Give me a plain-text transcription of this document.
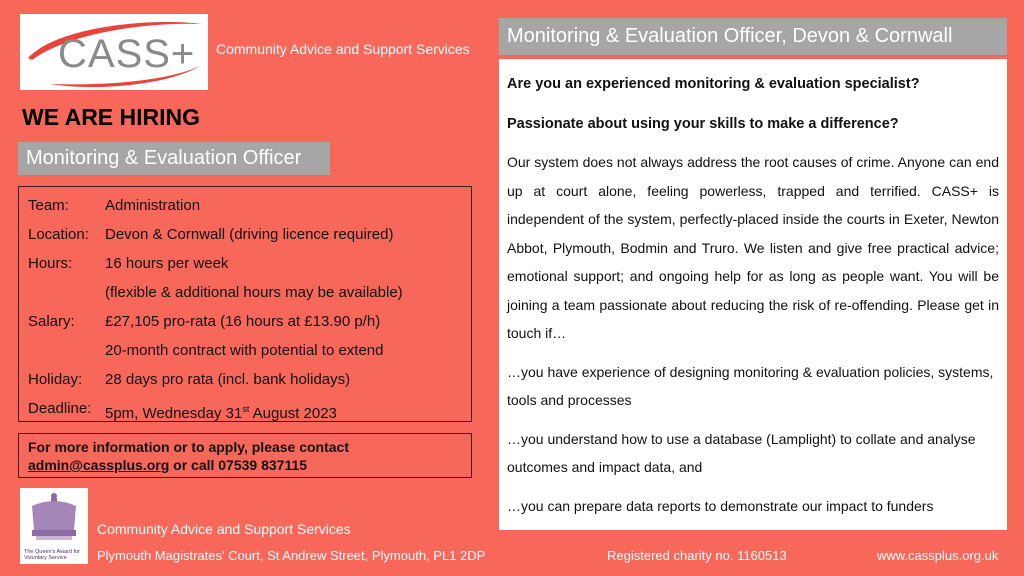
CASS+ Community Advice and Support Services
WE ARE HIRING
Monitoring & Evaluation Officer
Team:	Administration
Location:	Devon & Cornwall (driving licence required)
Hours:	16 hours per week
(flexible & additional hours may be available)
Salary:	£27,105 pro-rata (16 hours at £13.90 p/h)
20-month contract with potential to extend
Holiday:	28 days pro rata (incl. bank holidays)
Deadline: 5pm, Wednesday 31st August 2023
For more information or to apply, please contact
admin@cassplus.org or call 07539 837115
The Queen's Award for Voluntary Service
Community Advice and Support Services
Plymouth Magistrates' Court, St Andrew Street, Plymouth, PL1 2DP	Registered charity no. 1160513	www.cassplus.org.uk
Monitoring & Evaluation Officer, Devon & Cornwall

Are you an experienced monitoring & evaluation specialist?

Passionate about using your skills to make a difference?

Our system does not always address the root causes of crime. Anyone can end up at court alone, feeling powerless, trapped and terrified. CASS+ is independent of the system, perfectly-placed inside the courts in Exeter, Newton Abbot, Plymouth, Bodmin and Truro. We listen and give free practical advice; emotional support; and ongoing help for as long as people want. You will be joining a team passionate about reducing the risk of re-offending. Please get in touch if…

…you have experience of designing monitoring & evaluation policies, systems, tools and processes

…you understand how to use a database (Lamplight) to collate and analyse outcomes and impact data, and

…you can prepare data reports to demonstrate our impact to funders
